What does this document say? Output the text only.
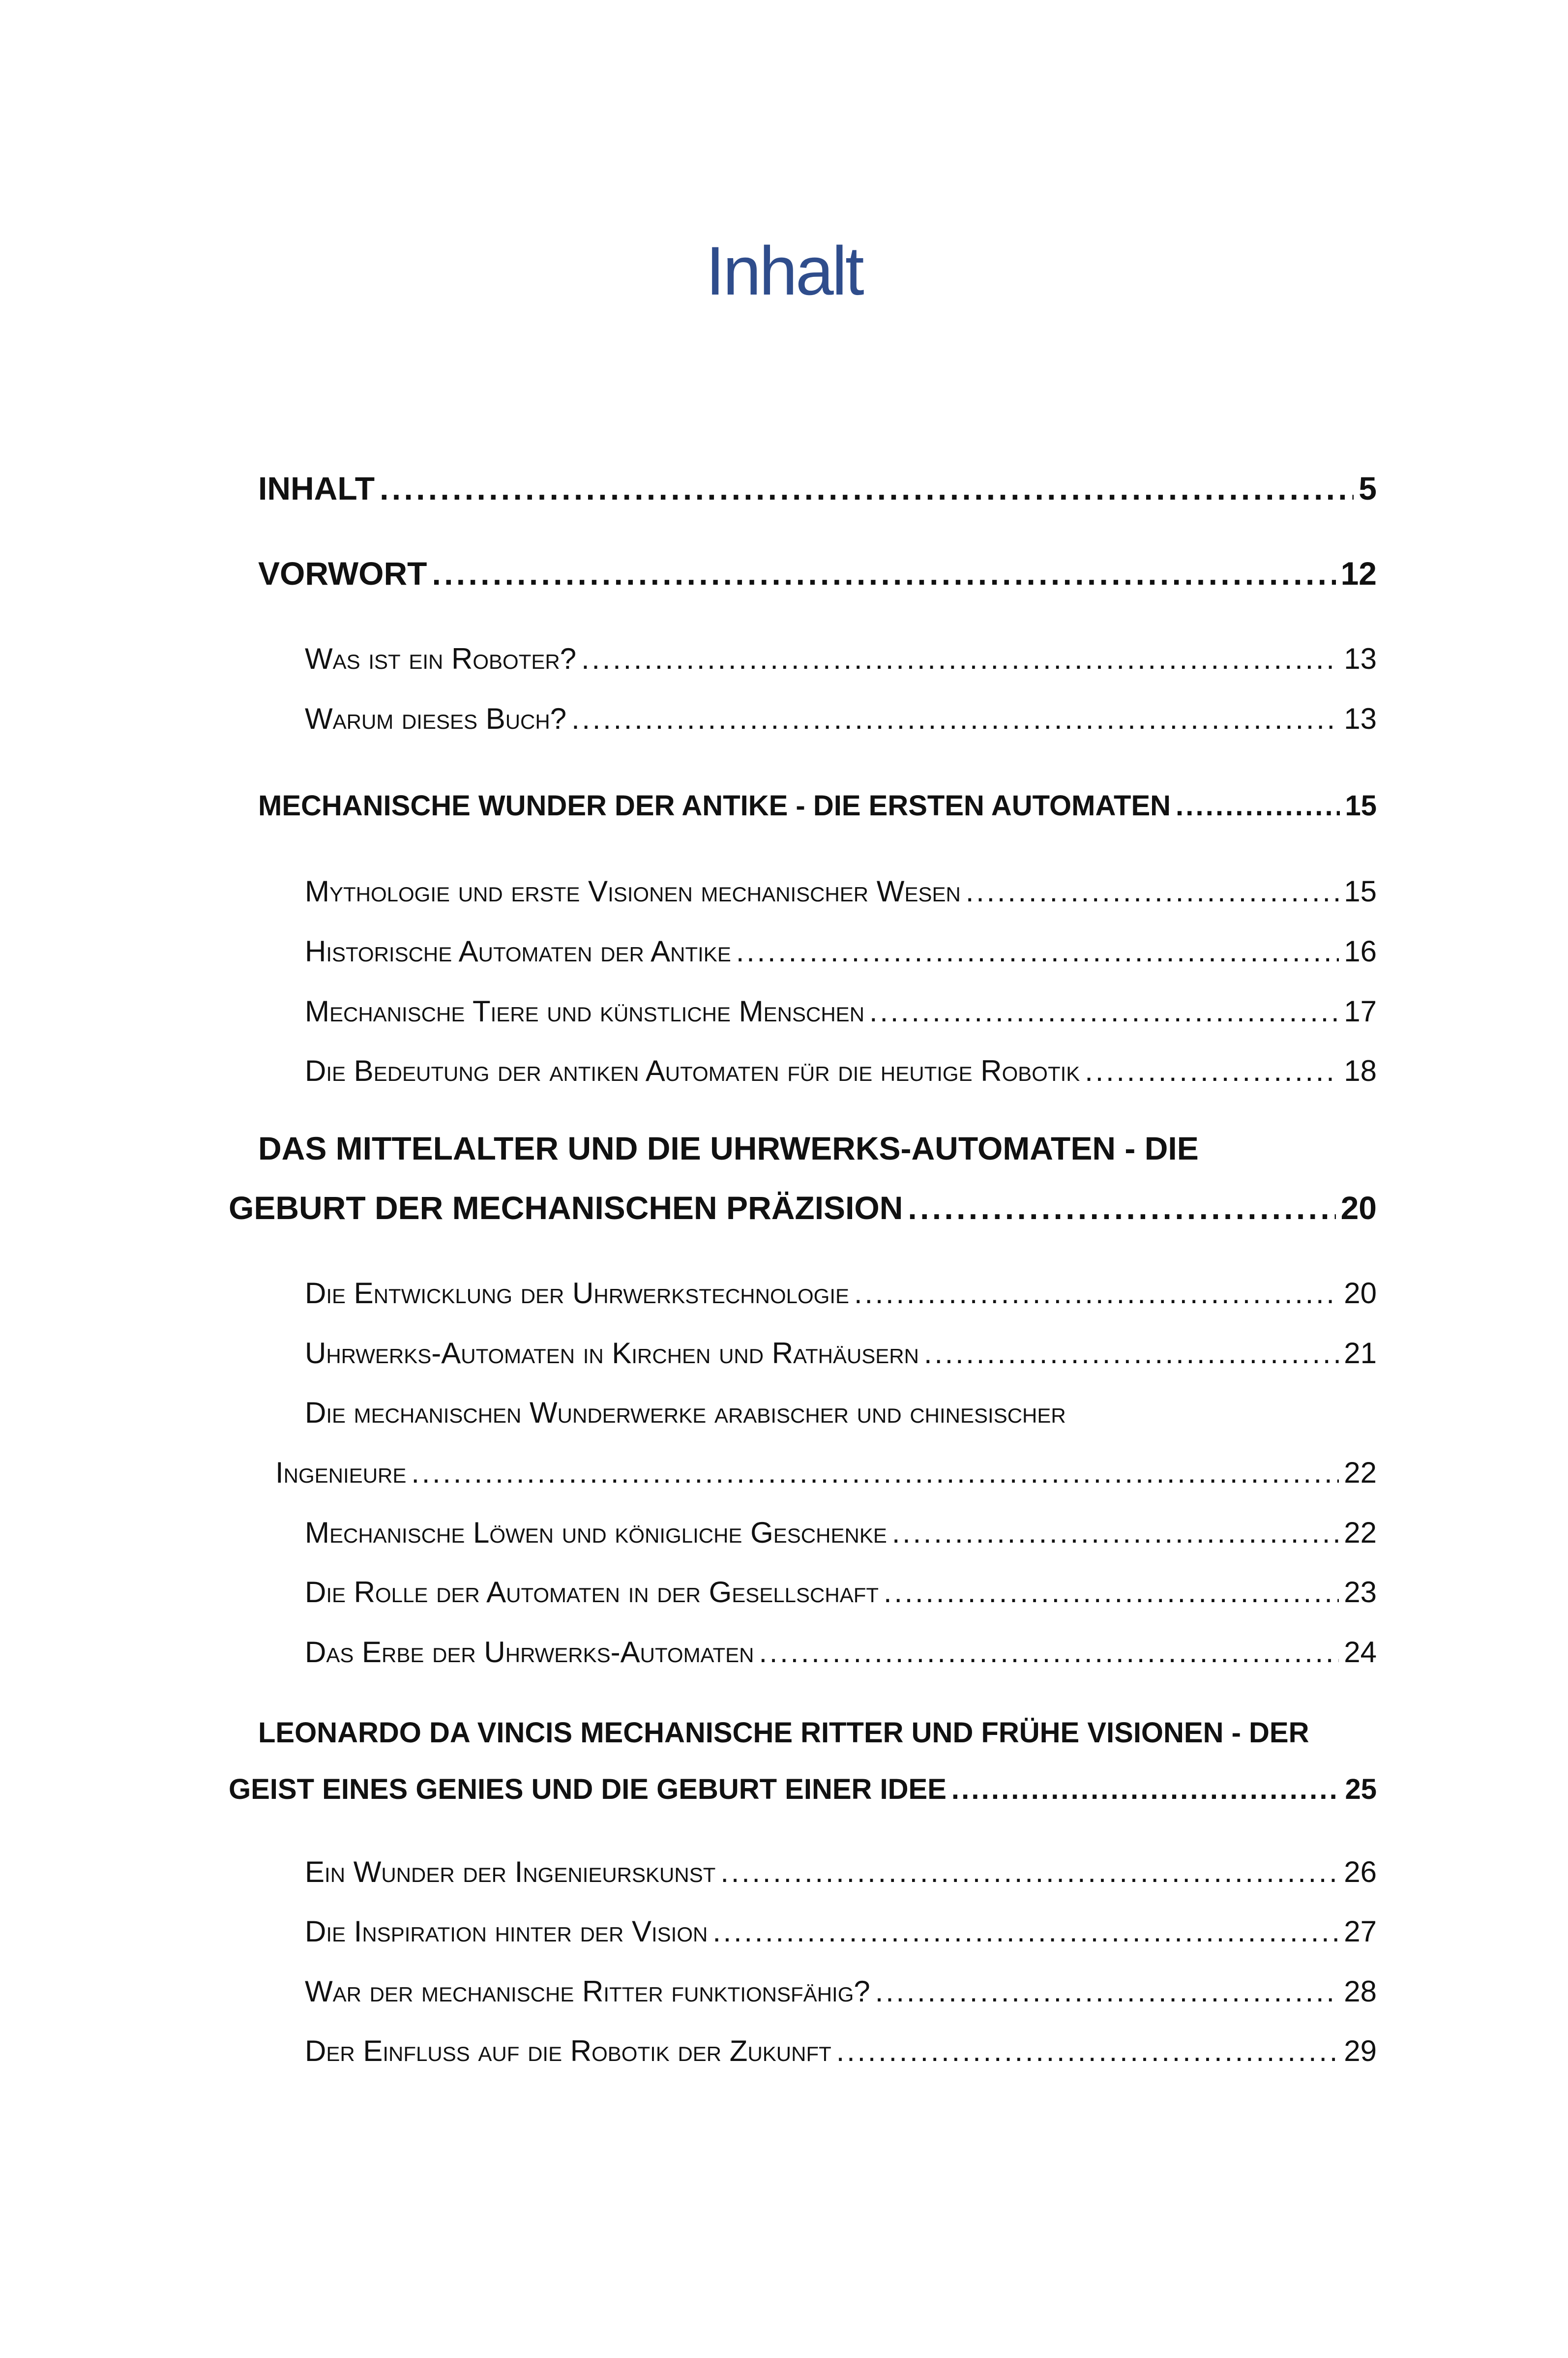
Inhalt
INHALT . . .	5
VORWORT . . .	12
Was ist ein Roboter? . . .	13
Warum dieses Buch? . . .	13
MECHANISCHE WUNDER DER ANTIKE - DIE ERSTEN AUTOMATEN . . .	15
Mythologie und erste Visionen mechanischer Wesen . . .	15
Historische Automaten der Antike . . .	16
Mechanische Tiere und künstliche Menschen . . .	17
Die Bedeutung der antiken Automaten für die heutige Robotik . . .	18
DAS MITTELALTER UND DIE UHRWERKS-AUTOMATEN - DIE
GEBURT DER MECHANISCHEN PRÄZISION . . .	20
Die Entwicklung der Uhrwerkstechnologie . . .	20
Uhrwerks-Automaten in Kirchen und Rathäusern . . .	21
Die mechanischen Wunderwerke arabischer und chinesischer
Ingenieure . . .	22
Mechanische Löwen und königliche Geschenke . . .	22
Die Rolle der Automaten in der Gesellschaft . . .	23
Das Erbe der Uhrwerks-Automaten . . .	24
LEONARDO DA VINCIS MECHANISCHE RITTER UND FRÜHE VISIONEN - DER
GEIST EINES GENIES UND DIE GEBURT EINER IDEE . . .	25
Ein Wunder der Ingenieurskunst . . .	26
Die Inspiration hinter der Vision . . .	27
War der mechanische Ritter funktionsfähig? . . .	28
Der Einfluss auf die Robotik der Zukunft . . .	29
